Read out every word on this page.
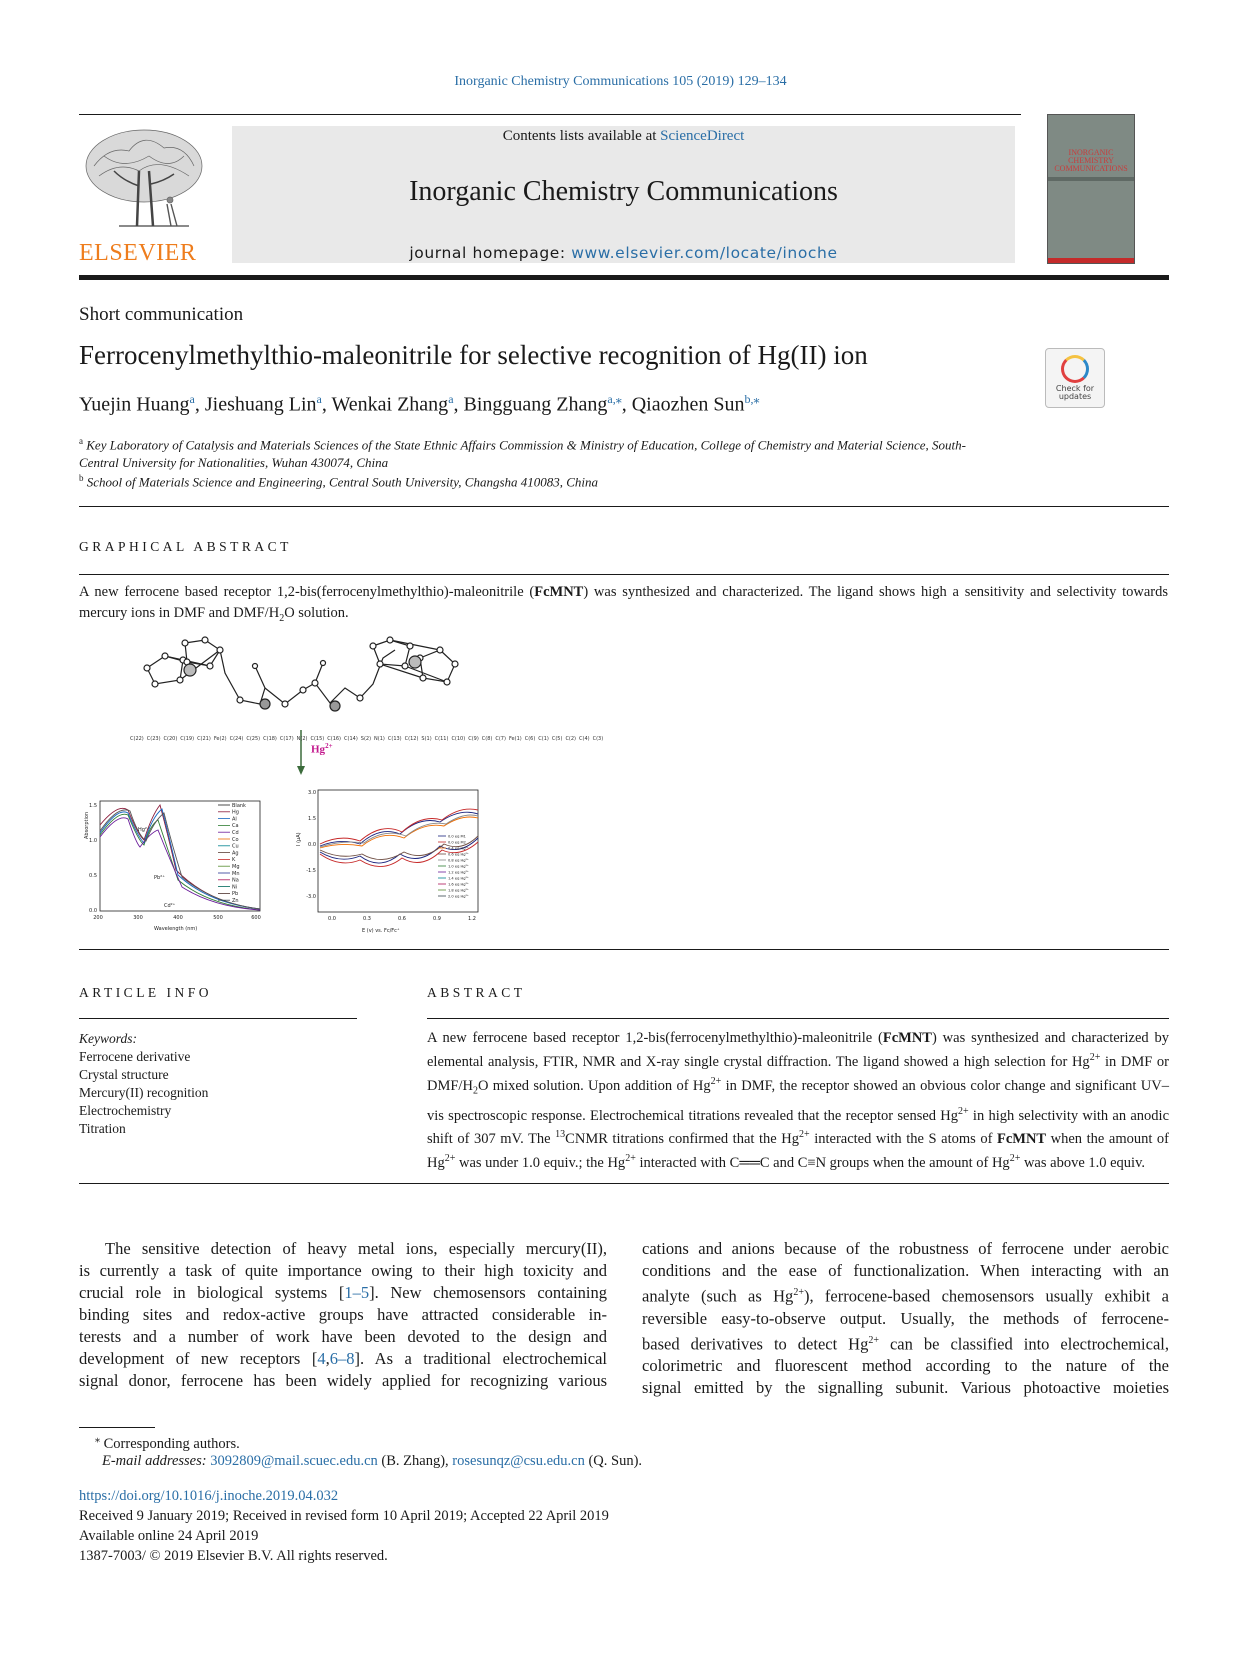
Inorganic Chemistry Communications 105 (2019) 129–134
ELSEVIER
Contents lists available at ScienceDirect
Inorganic Chemistry Communications
journal homepage: www.elsevier.com/locate/inoche
INORGANIC CHEMISTRY COMMUNICATIONS
Short communication
Ferrocenylmethylthio-maleonitrile for selective recognition of Hg(II) ion
Check for
updates
Yuejin Huang$^a$, Jieshuang Lin$^a$, Wenkai Zhang$^a$, Bingguang Zhang$^{a,⁎}$, Qiaozhen Sun$^{b,⁎}$
$^a$ Key Laboratory of Catalysis and Materials Sciences of the State Ethnic Affairs Commission & Ministry of Education, College of Chemistry and Material Science, South-
Central University for Nationalities, Wuhan 430074, China
$^b$ School of Materials Science and Engineering, Central South University, Changsha 410083, China
GRAPHICAL ABSTRACT
A new ferrocene based receptor 1,2-bis(ferrocenylmethylthio)-maleonitrile (FcMNT) was synthesized and characterized. The ligand shows high a sensitivity and selectivity towards mercury ions in DMF and DMF/$H_2O$ solution.
$Hg^{2+}$
Absorption
Wavelength (nm)
200	300	400	500	600
0.0
0.5
1.0
1.5
Hg²⁺
Pb²⁺
Cd²⁺
Blank
Hg
Al
Ca
Cd
Co
Cu
Ag
K
Mg
Mn
Na
Ni
Pb
Zn
I (μA)
E (v) vs. Fc/Fc⁺
0.0	0.3	0.6	0.9	1.2
3.0
1.5
0.0
-1.5
-3.0
0.0 eq M1
0.0 eq M2
0.4 eq Hg²⁺
0.6 eq Hg²⁺
0.8 eq Hg²⁺
1.0 eq Hg²⁺
1.2 eq Hg²⁺
1.4 eq Hg²⁺
1.6 eq Hg²⁺
1.8 eq Hg²⁺
2.0 eq Hg²⁺
C(22) C(23) C(20) C(19) C(21) Fe(2) C(24) C(25) C(18) C(17) N(2) C(15) C(16) C(14) S(2) N(1) C(13) C(12) S(1) C(11) C(10) C(9) C(8) C(7) Fe(1) C(6) C(1) C(5) C(2) C(4) C(3)
ARTICLE INFO
Keywords:
Ferrocene derivative
Crystal structure
Mercury(II) recognition
Electrochemistry
Titration
ABSTRACT
A new ferrocene based receptor 1,2-bis(ferrocenylmethylthio)-maleonitrile (FcMNT) was synthesized and characterized by elemental analysis, FTIR, NMR and X-ray single crystal diffraction. The ligand showed a high selection for $Hg^{2+}$ in DMF or DMF/$H_2O$ mixed solution. Upon addition of $Hg^{2+}$ in DMF, the receptor showed an obvious color change and significant UV–vis spectroscopic response. Electrochemical titrations revealed that the receptor sensed $Hg^{2+}$ in high selectivity with an anodic shift of 307 mV. The $^{13}$CNMR titrations confirmed that the $Hg^{2+}$ interacted with the S atoms of FcMNT when the amount of $Hg^{2+}$ was under 1.0 equiv.; the $Hg^{2+}$ interacted with C══C and C≡N groups when the amount of $Hg^{2+}$ was above 1.0 equiv.
The sensitive detection of heavy metal ions, especially mercury(II),
is currently a task of quite importance owing to their high toxicity and
crucial role in biological systems [1–5]. New chemosensors containing
binding sites and redox-active groups have attracted considerable in-
terests and a number of work have been devoted to the design and
development of new receptors [4,6–8]. As a traditional electrochemical
signal donor, ferrocene has been widely applied for recognizing various
cations and anions because of the robustness of ferrocene under aerobic
conditions and the ease of functionalization. When interacting with an
analyte (such as $Hg^{2+}$), ferrocene-based chemosensors usually exhibit a
reversible easy-to-observe output. Usually, the methods of ferrocene-
based derivatives to detect $Hg^{2+}$ can be classified into electrochemical,
colorimetric and fluorescent method according to the nature of the
signal emitted by the signalling subunit. Various photoactive moieties
⁎ Corresponding authors.
E-mail addresses: 3092809@mail.scuec.edu.cn (B. Zhang), rosesunqz@csu.edu.cn (Q. Sun).
https://doi.org/10.1016/j.inoche.2019.04.032
Received 9 January 2019; Received in revised form 10 April 2019; Accepted 22 April 2019
Available online 24 April 2019
1387-7003/ © 2019 Elsevier B.V. All rights reserved.
